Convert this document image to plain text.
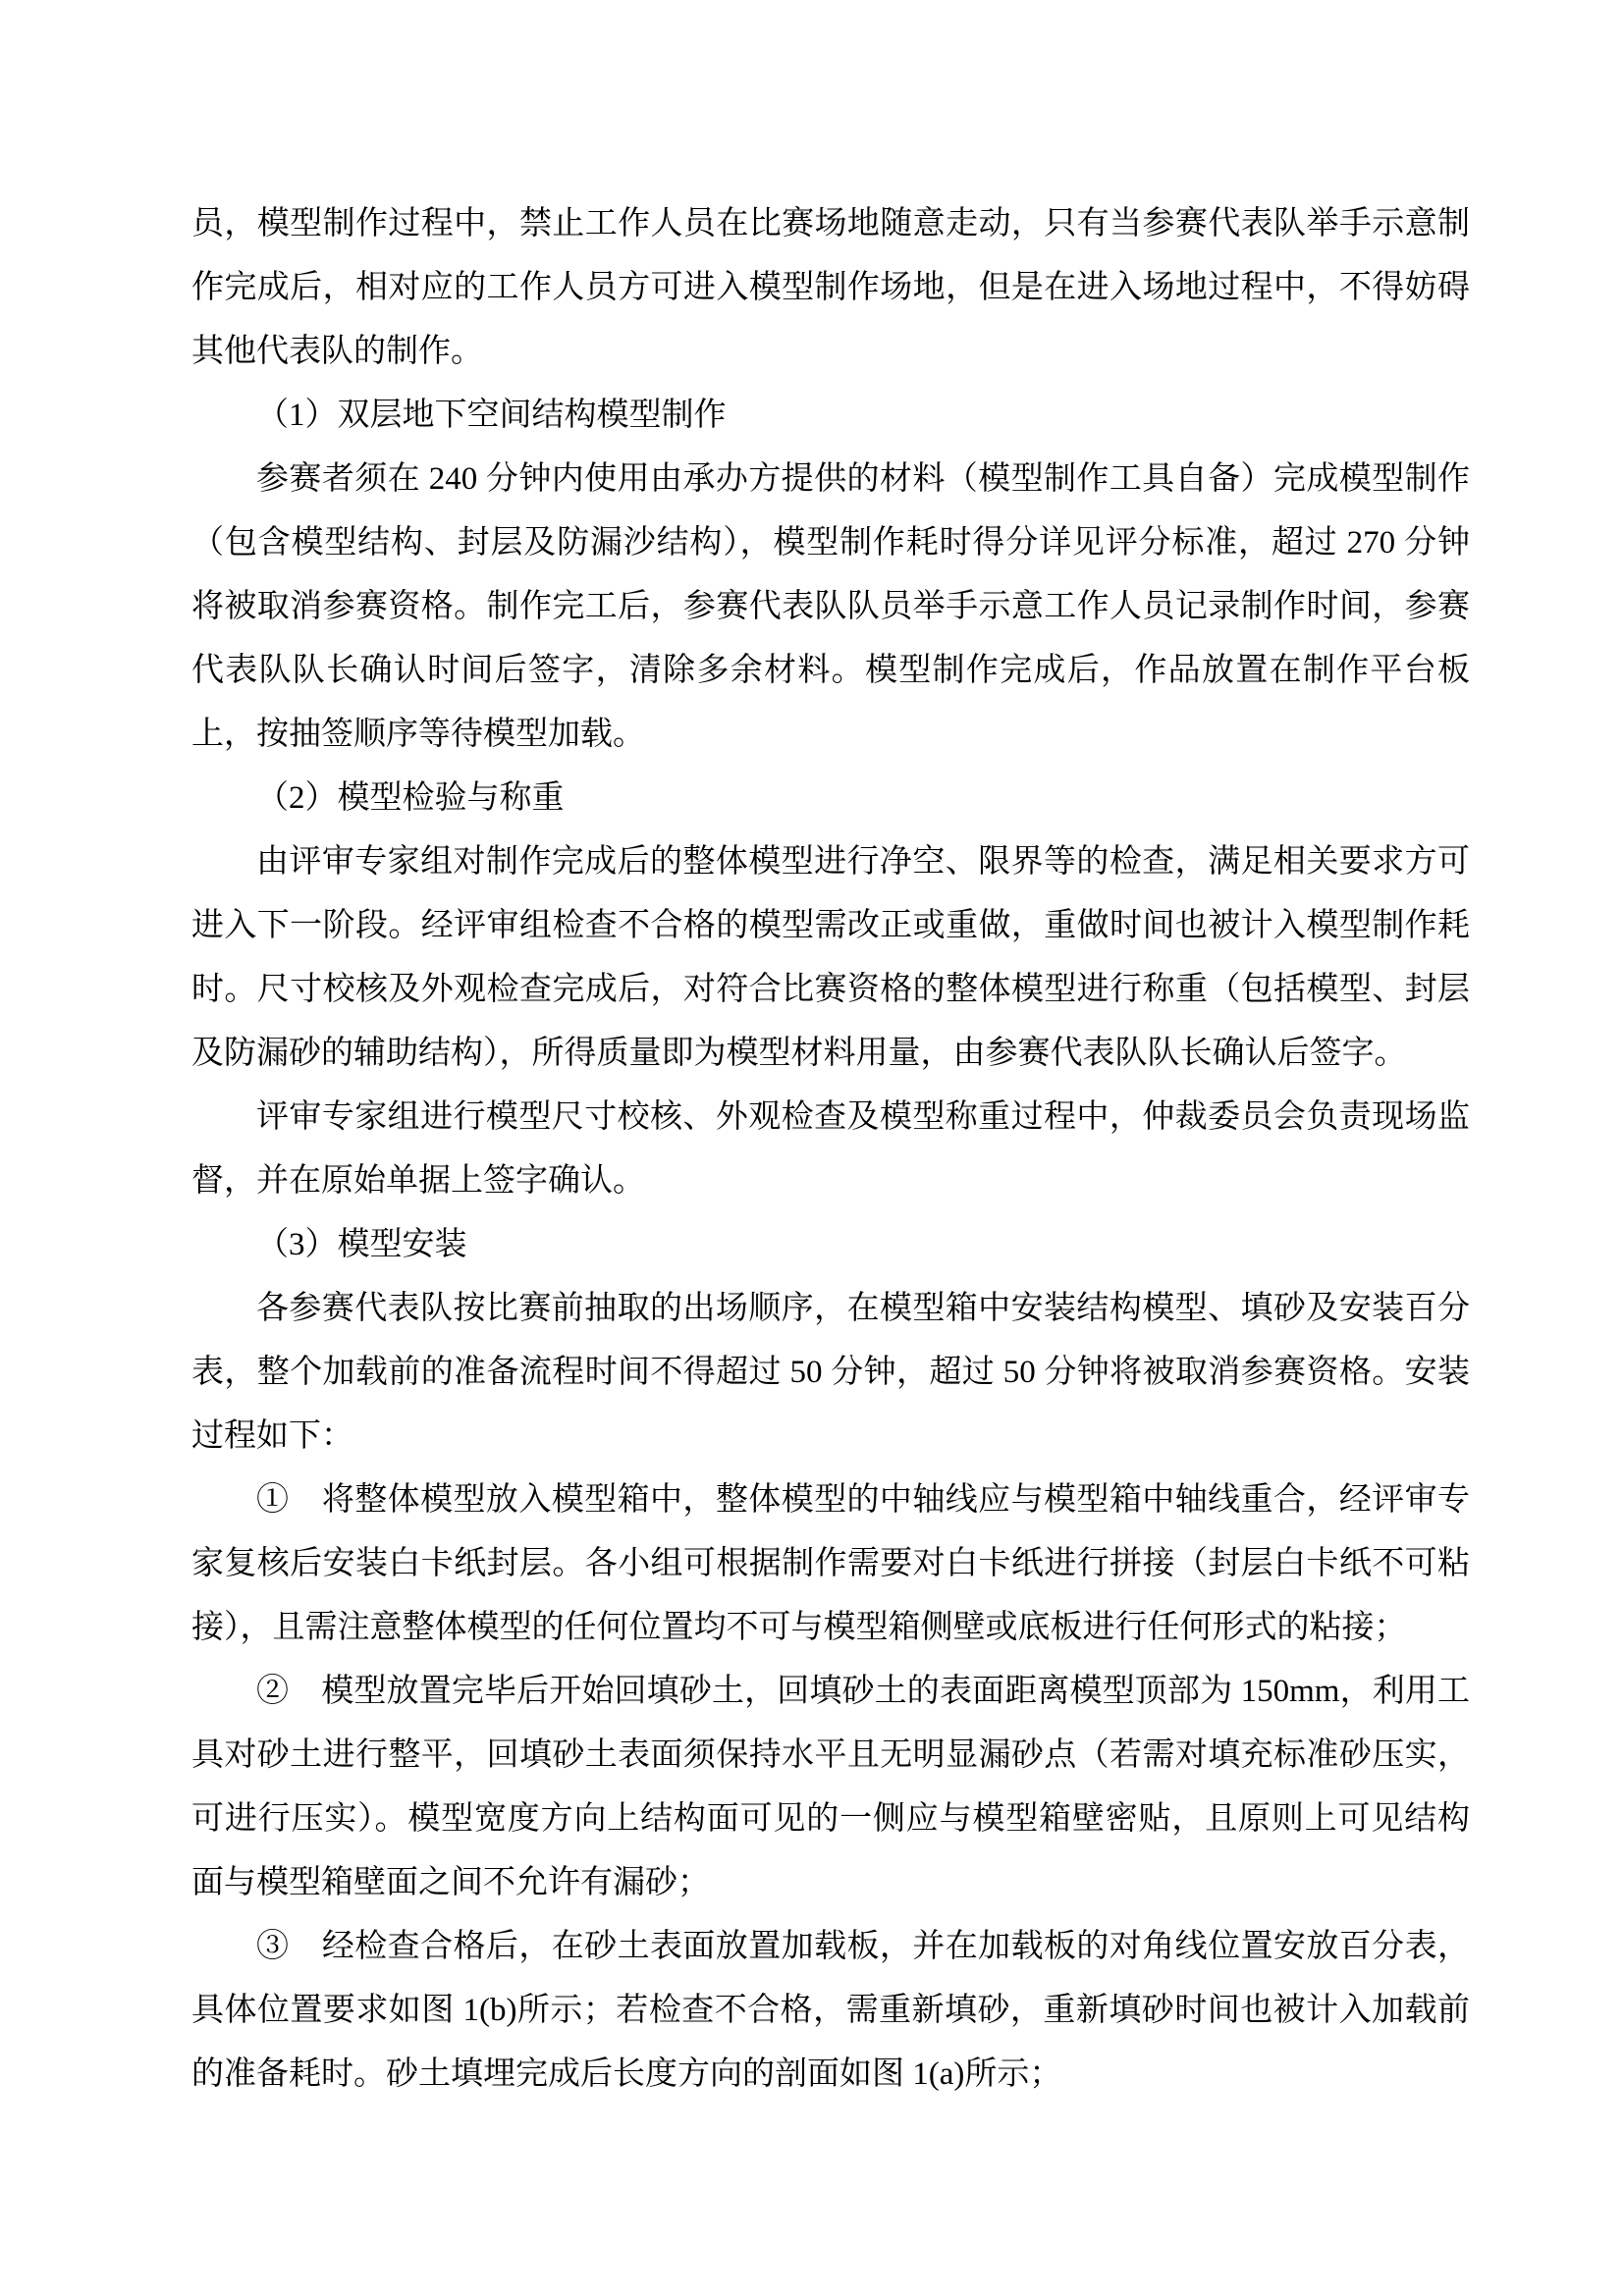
员，模型制作过程中，禁止工作人员在比赛场地随意走动，只有当参赛代表队举手示意制作完成后，相对应的工作人员方可进入模型制作场地，但是在进入场地过程中，不得妨碍其他代表队的制作。

（1）双层地下空间结构模型制作

参赛者须在 240 分钟内使用由承办方提供的材料（模型制作工具自备）完成模型制作（包含模型结构、封层及防漏沙结构），模型制作耗时得分详见评分标准，超过 270 分钟将被取消参赛资格。制作完工后，参赛代表队队员举手示意工作人员记录制作时间，参赛代表队队长确认时间后签字，清除多余材料。模型制作完成后，作品放置在制作平台板上，按抽签顺序等待模型加载。

（2）模型检验与称重

由评审专家组对制作完成后的整体模型进行净空、限界等的检查，满足相关要求方可进入下一阶段。经评审组检查不合格的模型需改正或重做，重做时间也被计入模型制作耗时。尺寸校核及外观检查完成后，对符合比赛资格的整体模型进行称重（包括模型、封层及防漏砂的辅助结构），所得质量即为模型材料用量，由参赛代表队队长确认后签字。

评审专家组进行模型尺寸校核、外观检查及模型称重过程中，仲裁委员会负责现场监督，并在原始单据上签字确认。

（3）模型安装

各参赛代表队按比赛前抽取的出场顺序，在模型箱中安装结构模型、填砂及安装百分表，整个加载前的准备流程时间不得超过 50 分钟，超过 50 分钟将被取消参赛资格。安装过程如下：

①　将整体模型放入模型箱中，整体模型的中轴线应与模型箱中轴线重合，经评审专家复核后安装白卡纸封层。各小组可根据制作需要对白卡纸进行拼接（封层白卡纸不可粘接），且需注意整体模型的任何位置均不可与模型箱侧壁或底板进行任何形式的粘接；

②　模型放置完毕后开始回填砂土，回填砂土的表面距离模型顶部为 150mm，利用工具对砂土进行整平，回填砂土表面须保持水平且无明显漏砂点（若需对填充标准砂压实，可进行压实）。模型宽度方向上结构面可见的一侧应与模型箱壁密贴，且原则上可见结构面与模型箱壁面之间不允许有漏砂；

③　经检查合格后，在砂土表面放置加载板，并在加载板的对角线位置安放百分表，具体位置要求如图 1(b)所示；若检查不合格，需重新填砂，重新填砂时间也被计入加载前的准备耗时。砂土填埋完成后长度方向的剖面如图 1(a)所示；
